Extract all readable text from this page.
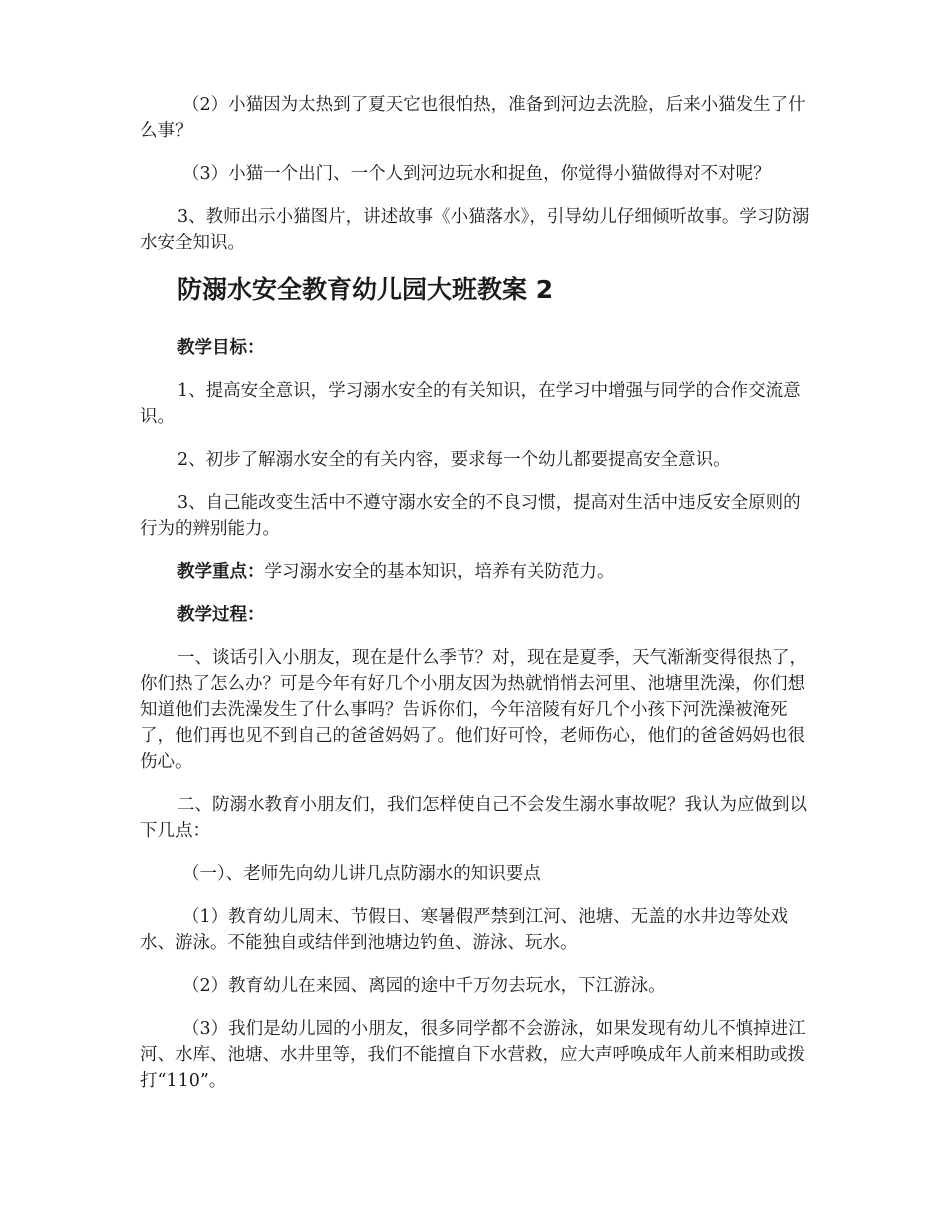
（2）小猫因为太热到了夏天它也很怕热，准备到河边去洗脸，后来小猫发生了什么事？

（3）小猫一个出门、一个人到河边玩水和捉鱼，你觉得小猫做得对不对呢？

3、教师出示小猫图片，讲述故事《小猫落水》，引导幼儿仔细倾听故事。学习防溺水安全知识。

防溺水安全教育幼儿园大班教案 2

教学目标：

1、提高安全意识，学习溺水安全的有关知识，在学习中增强与同学的合作交流意识。

2、初步了解溺水安全的有关内容，要求每一个幼儿都要提高安全意识。

3、自己能改变生活中不遵守溺水安全的不良习惯，提高对生活中违反安全原则的行为的辨别能力。

教学重点：学习溺水安全的基本知识，培养有关防范力。

教学过程：

一、谈话引入小朋友，现在是什么季节？对，现在是夏季，天气渐渐变得很热了，你们热了怎么办？可是今年有好几个小朋友因为热就悄悄去河里、池塘里洗澡，你们想知道他们去洗澡发生了什么事吗？告诉你们，今年涪陵有好几个小孩下河洗澡被淹死了，他们再也见不到自己的爸爸妈妈了。他们好可怜，老师伤心，他们的爸爸妈妈也很伤心。

二、防溺水教育小朋友们，我们怎样使自己不会发生溺水事故呢？我认为应做到以下几点：

（一）、老师先向幼儿讲几点防溺水的知识要点

（1）教育幼儿周末、节假日、寒暑假严禁到江河、池塘、无盖的水井边等处戏水、游泳。不能独自或结伴到池塘边钓鱼、游泳、玩水。

（2）教育幼儿在来园、离园的途中千万勿去玩水，下江游泳。

（3）我们是幼儿园的小朋友，很多同学都不会游泳，如果发现有幼儿不慎掉进江河、水库、池塘、水井里等，我们不能擅自下水营救，应大声呼唤成年人前来相助或拨打“110”。
